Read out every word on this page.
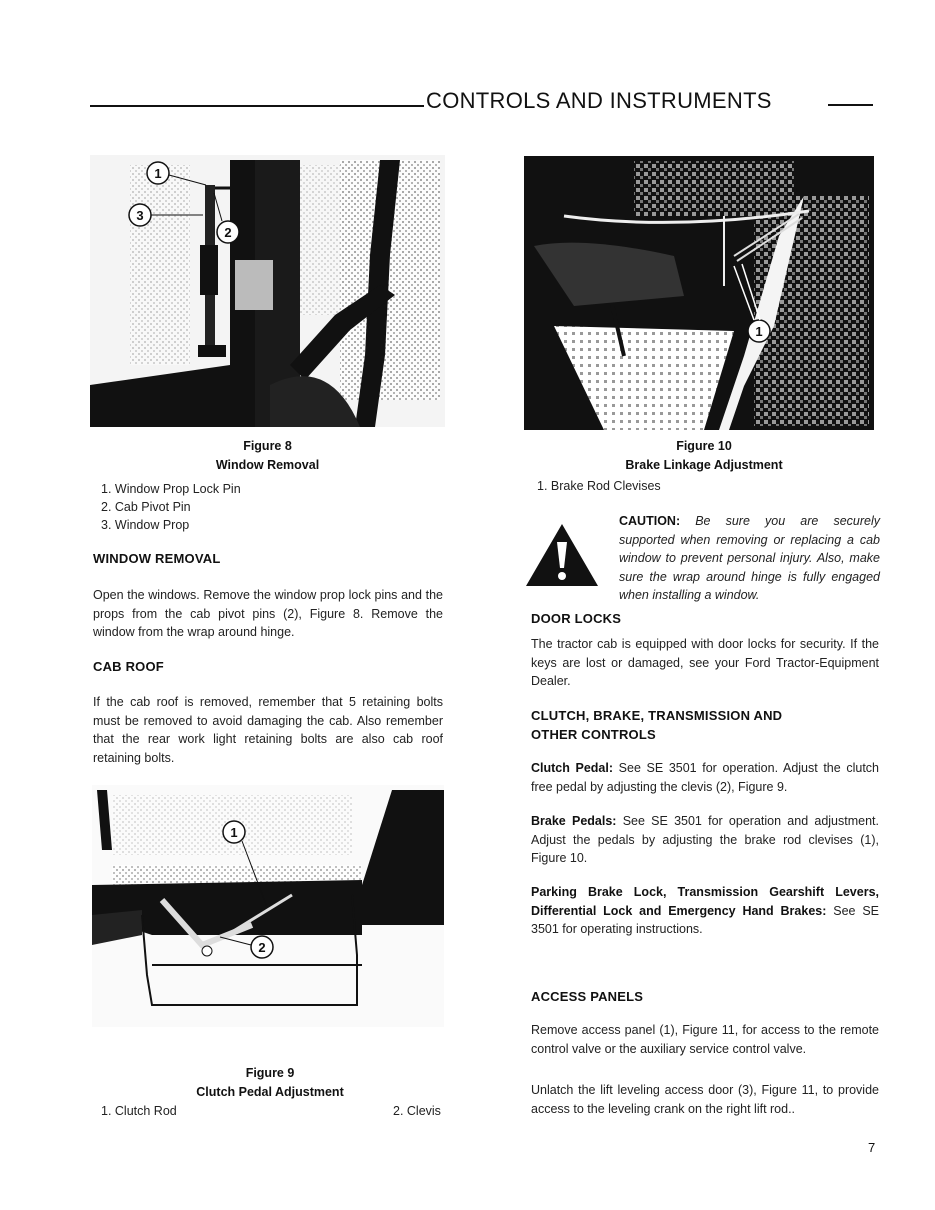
CONTROLS AND INSTRUMENTS
1
2
3
Figure 8
Window Removal
1. Window Prop Lock Pin
2. Cab Pivot Pin
3. Window Prop
WINDOW REMOVAL
Open the windows. Remove the window prop lock pins and the props from the cab pivot pins (2), Figure 8. Remove the window from the wrap around hinge.
CAB ROOF
If the cab roof is removed, remember that 5 retaining bolts must be removed to avoid damaging the cab. Also remember that the rear work light retaining bolts are also cab roof retaining bolts.
1
2
Figure 9
Clutch Pedal Adjustment
1. Clutch Rod	2. Clevis
1
Figure 10
Brake Linkage Adjustment
1. Brake Rod Clevises
CAUTION: Be sure you are securely supported when removing or replacing a cab window to prevent personal injury. Also, make sure the wrap around hinge is fully engaged when installing a window.
DOOR LOCKS
The tractor cab is equipped with door locks for security. If the keys are lost or damaged, see your Ford Tractor-Equipment Dealer.
CLUTCH, BRAKE, TRANSMISSION AND
OTHER CONTROLS
Clutch Pedal: See SE 3501 for operation. Adjust the clutch free pedal by adjusting the clevis (2), Figure 9.
Brake Pedals: See SE 3501 for operation and adjustment. Adjust the pedals by adjusting the brake rod clevises (1), Figure 10.
Parking Brake Lock, Transmission Gearshift Levers, Differential Lock and Emergency Hand Brakes: See SE 3501 for operating instructions.
ACCESS PANELS
Remove access panel (1), Figure 11, for access to the remote control valve or the auxiliary service control valve.
Unlatch the lift leveling access door (3), Figure 11, to provide access to the leveling crank on the right lift rod..
7
